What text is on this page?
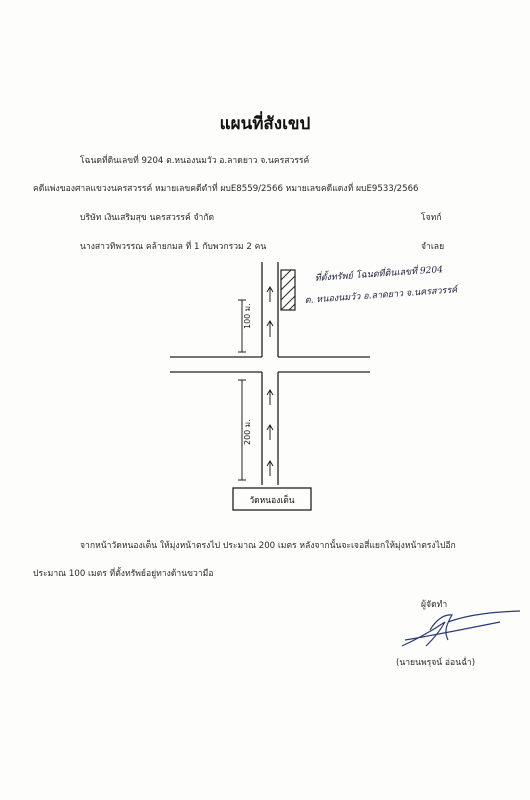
แผนที่สังเขป
โฉนดที่ดินเลขที่ 9204 ต.หนองนมวัว อ.ลาดยาว จ.นครสวรรค์
คดีแพ่งของศาลแขวงนครสวรรค์ หมายเลขคดีดำที่ ผบE8559/2566 หมายเลขคดีแดงที่ ผบE9533/2566
บริษัท เงินเสริมสุข นครสวรรค์ จำกัด	โจทก์
นางสาวทิพวรรณ คล้ายกมล ที่ 1 กับพวกรวม 2 คน	จำเลย
100 ม.
200 ม.
วัดหนองเต็น
ที่ตั้งทรัพย์ โฉนดที่ดินเลขที่ 9204
ต. หนองนมวัว อ.ลาดยาว จ.นครสวรรค์
จากหน้าวัดหนองเต็น ให้มุ่งหน้าตรงไป ประมาณ 200 เมตร หลังจากนั้นจะเจอสี่แยกให้มุ่งหน้าตรงไปอีก
ประมาณ 100 เมตร ที่ตั้งทรัพย์อยู่ทางด้านขวามือ
ผู้จัดทำ
(นายนพรุจน์ อ่อนฉ่ำ)
